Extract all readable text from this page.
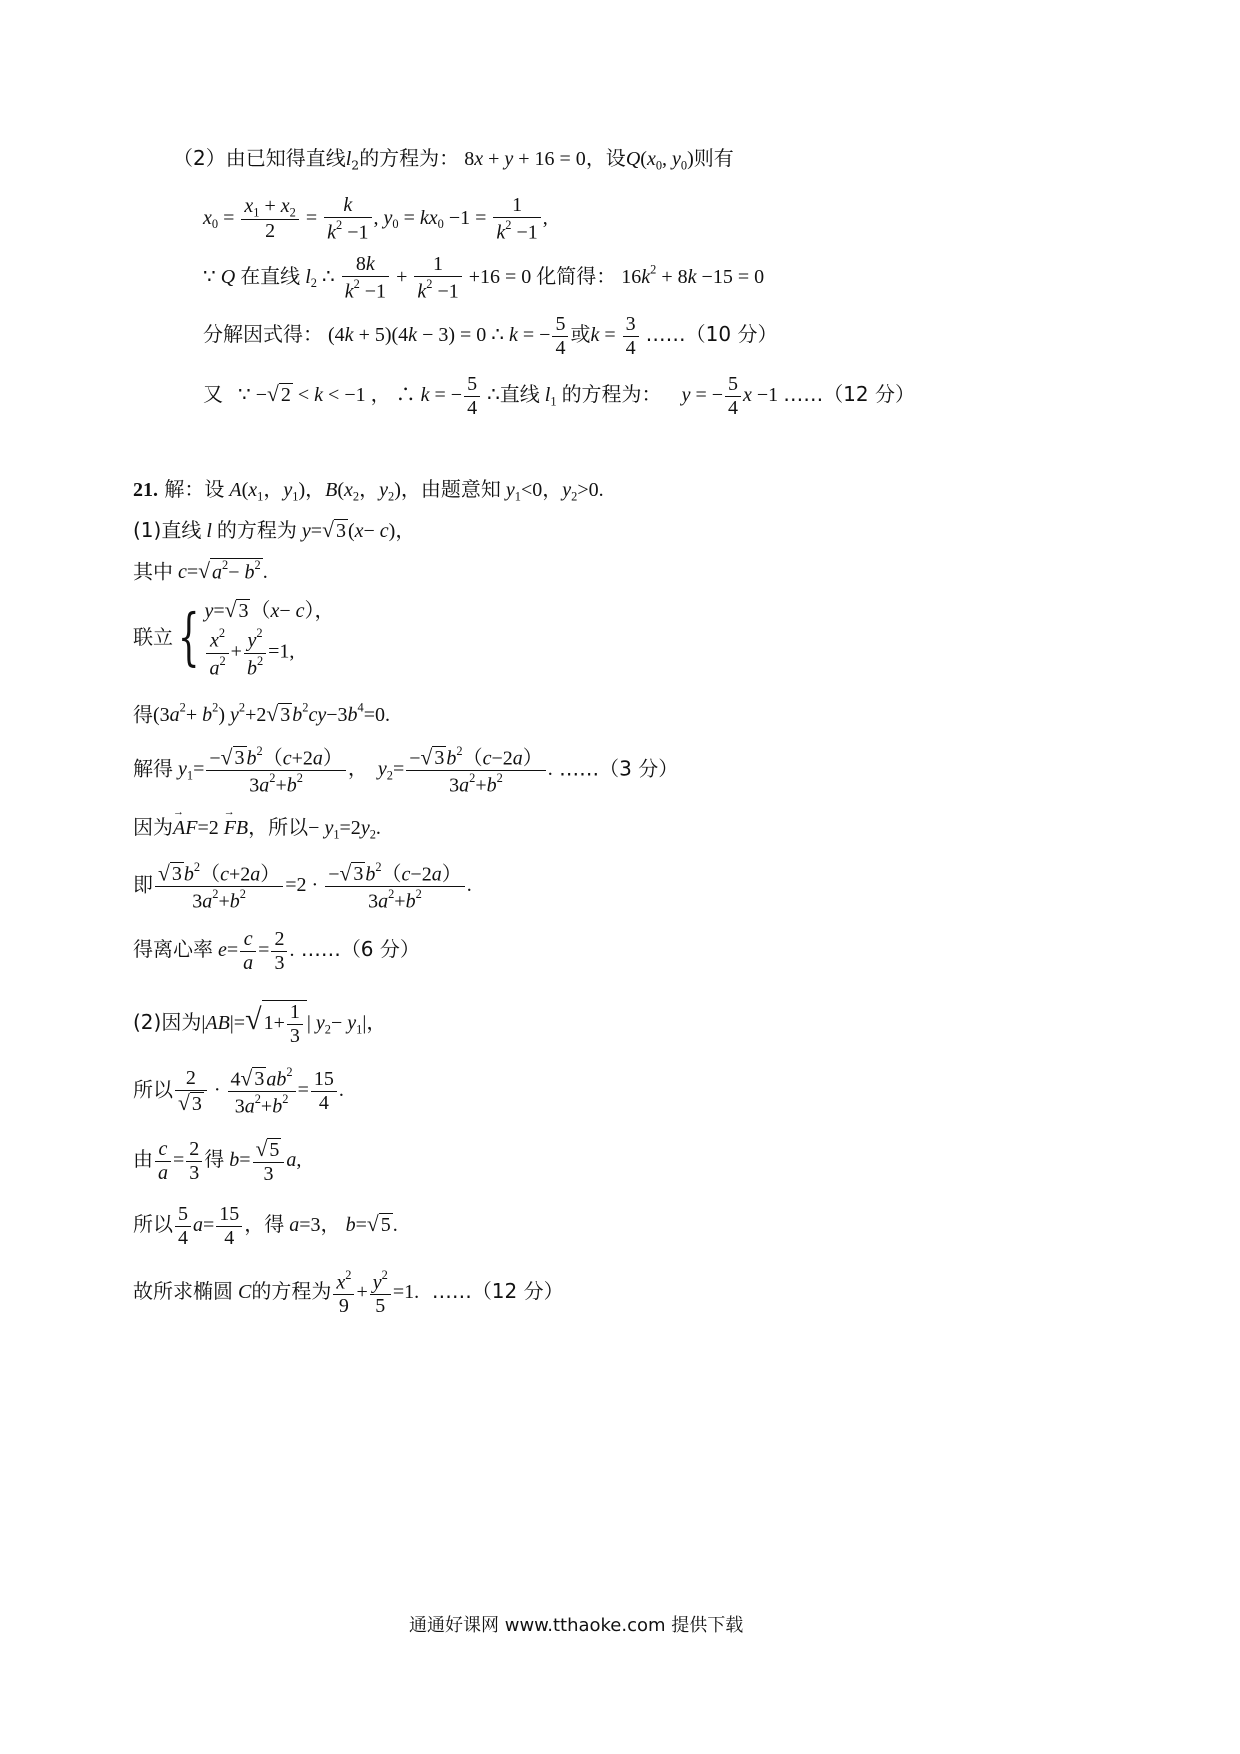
（2）由已知得直线$l_2$的方程为： 8x + y + 16 = 0，设$Q(x_0$, $y_0$)则有
$x_0 = \frac{x_1 + x_2}{2} = \frac{k}{k^2 -1}$ , $y_0 = kx_0 -1 = \frac{1}{k^2 -1}$ ,
∵ Q 在直线 $l_2$ ∴ $\frac{8k}{k^2 -1} + \frac{1}{k^2 -1} +16 = 0$ 化简得： $16k^2 + 8k -15 = 0$
分解因式得： (4k + 5)(4k − 3) = 0 ∴ k = − $\frac{5}{4}$ 或$k = \frac{3}{4}$ ……（10 分）
又   ∵ −√ 2 < k < −1 ， ∴ k = − $\frac{5}{4}$ ∴直线 $l_1$ 的方程为： y = − $\frac{5}{4}$ x −1 ……（12 分）
21. 解：设 $A(x_1$，$y_1$)，$B(x_2$，$y_2$)，由题意知 $y_1<0$，$y_2>0$.
(1)直线 l 的方程为 y=√ 3 (x− c)，
其中 c=√ $a^2- b^2$ .
联立{ y=√ 3 （x− c），
$\frac{x^2}{a^2} + \frac{y^2}{b^2} =1$,
得$(3a^2+ b^2)$ $y^2+2√$ 3 $b^2cy-3b^4=0$.
解得 $y_1= \frac{-√ 3 b^2(c+2a)}{3a^2+b^2}$ ，  $y_2= \frac{-√ 3 b^2(c-2a)}{3a^2+b^2}$ . ……（3 分）
因为→ AF=2 → FB，所以− $y_1=2y_2$.
即 $\frac{√ 3 b^2(c+2a)}{3a^2+b^2} =2 \cdot \frac{-√ 3 b^2(c-2a)}{3a^2+b^2}$ .
得离心率 $e= \frac{c}{a} = \frac{2}{3}$ . ……（6 分）
(2)因为|AB|=√ $1+ \frac{1}{3}$ | $y_2- y_1|$，
所以 $\frac{2}{√ 3} \cdot \frac{4√ 3 ab^2}{3a^2+b^2} = \frac{15}{4}$ .
由 $\frac{c}{a} = \frac{2}{3}$ 得 $b= \frac{√ 5}{3} a$,
所以 $\frac{5}{4} a= \frac{15}{4}$ ，得 a=3， b=√ 5 .
故所求椭圆 C的方程为 $\frac{x^2}{9} + \frac{y^2}{5} =1$. ……（12 分）
通通好课网 www.tthaoke.com 提供下载
